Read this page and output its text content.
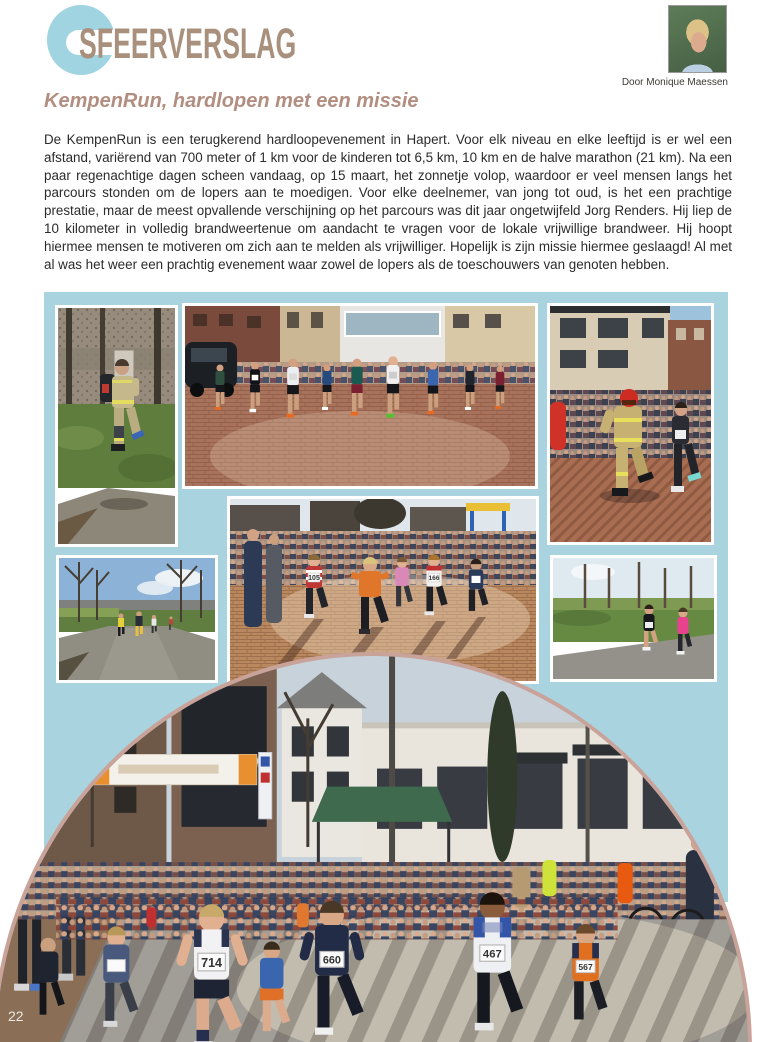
SFEERVERSLAG
Door Monique Maessen
KempenRun, hardlopen met een missie

De KempenRun is een terugkerend hardloopevenement in Hapert. Voor elk niveau en elke leeftijd is er wel een afstand, variërend van 700 meter of 1 km voor de kinderen tot 6,5 km, 10 km en de halve marathon (21 km). Na een paar regenachtige dagen scheen vandaag, op 15 maart, het zonnetje volop, waardoor er veel mensen langs het parcours stonden om de lopers aan te moedigen. Voor elke deelnemer, van jong tot oud, is het een prachtige prestatie, maar de meest opvallende verschijning op het parcours was dit jaar ongetwijfeld Jorg Renders. Hij liep de 10 kilometer in volledig brandweertenue om aandacht te vragen voor de lokale vrijwillige brandweer. Hij hoopt hiermee mensen te motiveren om zich aan te melden als vrijwilliger. Hopelijk is zijn missie hiermee geslaagd! Al met al was het weer een prachtig evenement waar zowel de lopers als de toeschouwers van genoten hebben.

105	166
714	660
467
567
22
